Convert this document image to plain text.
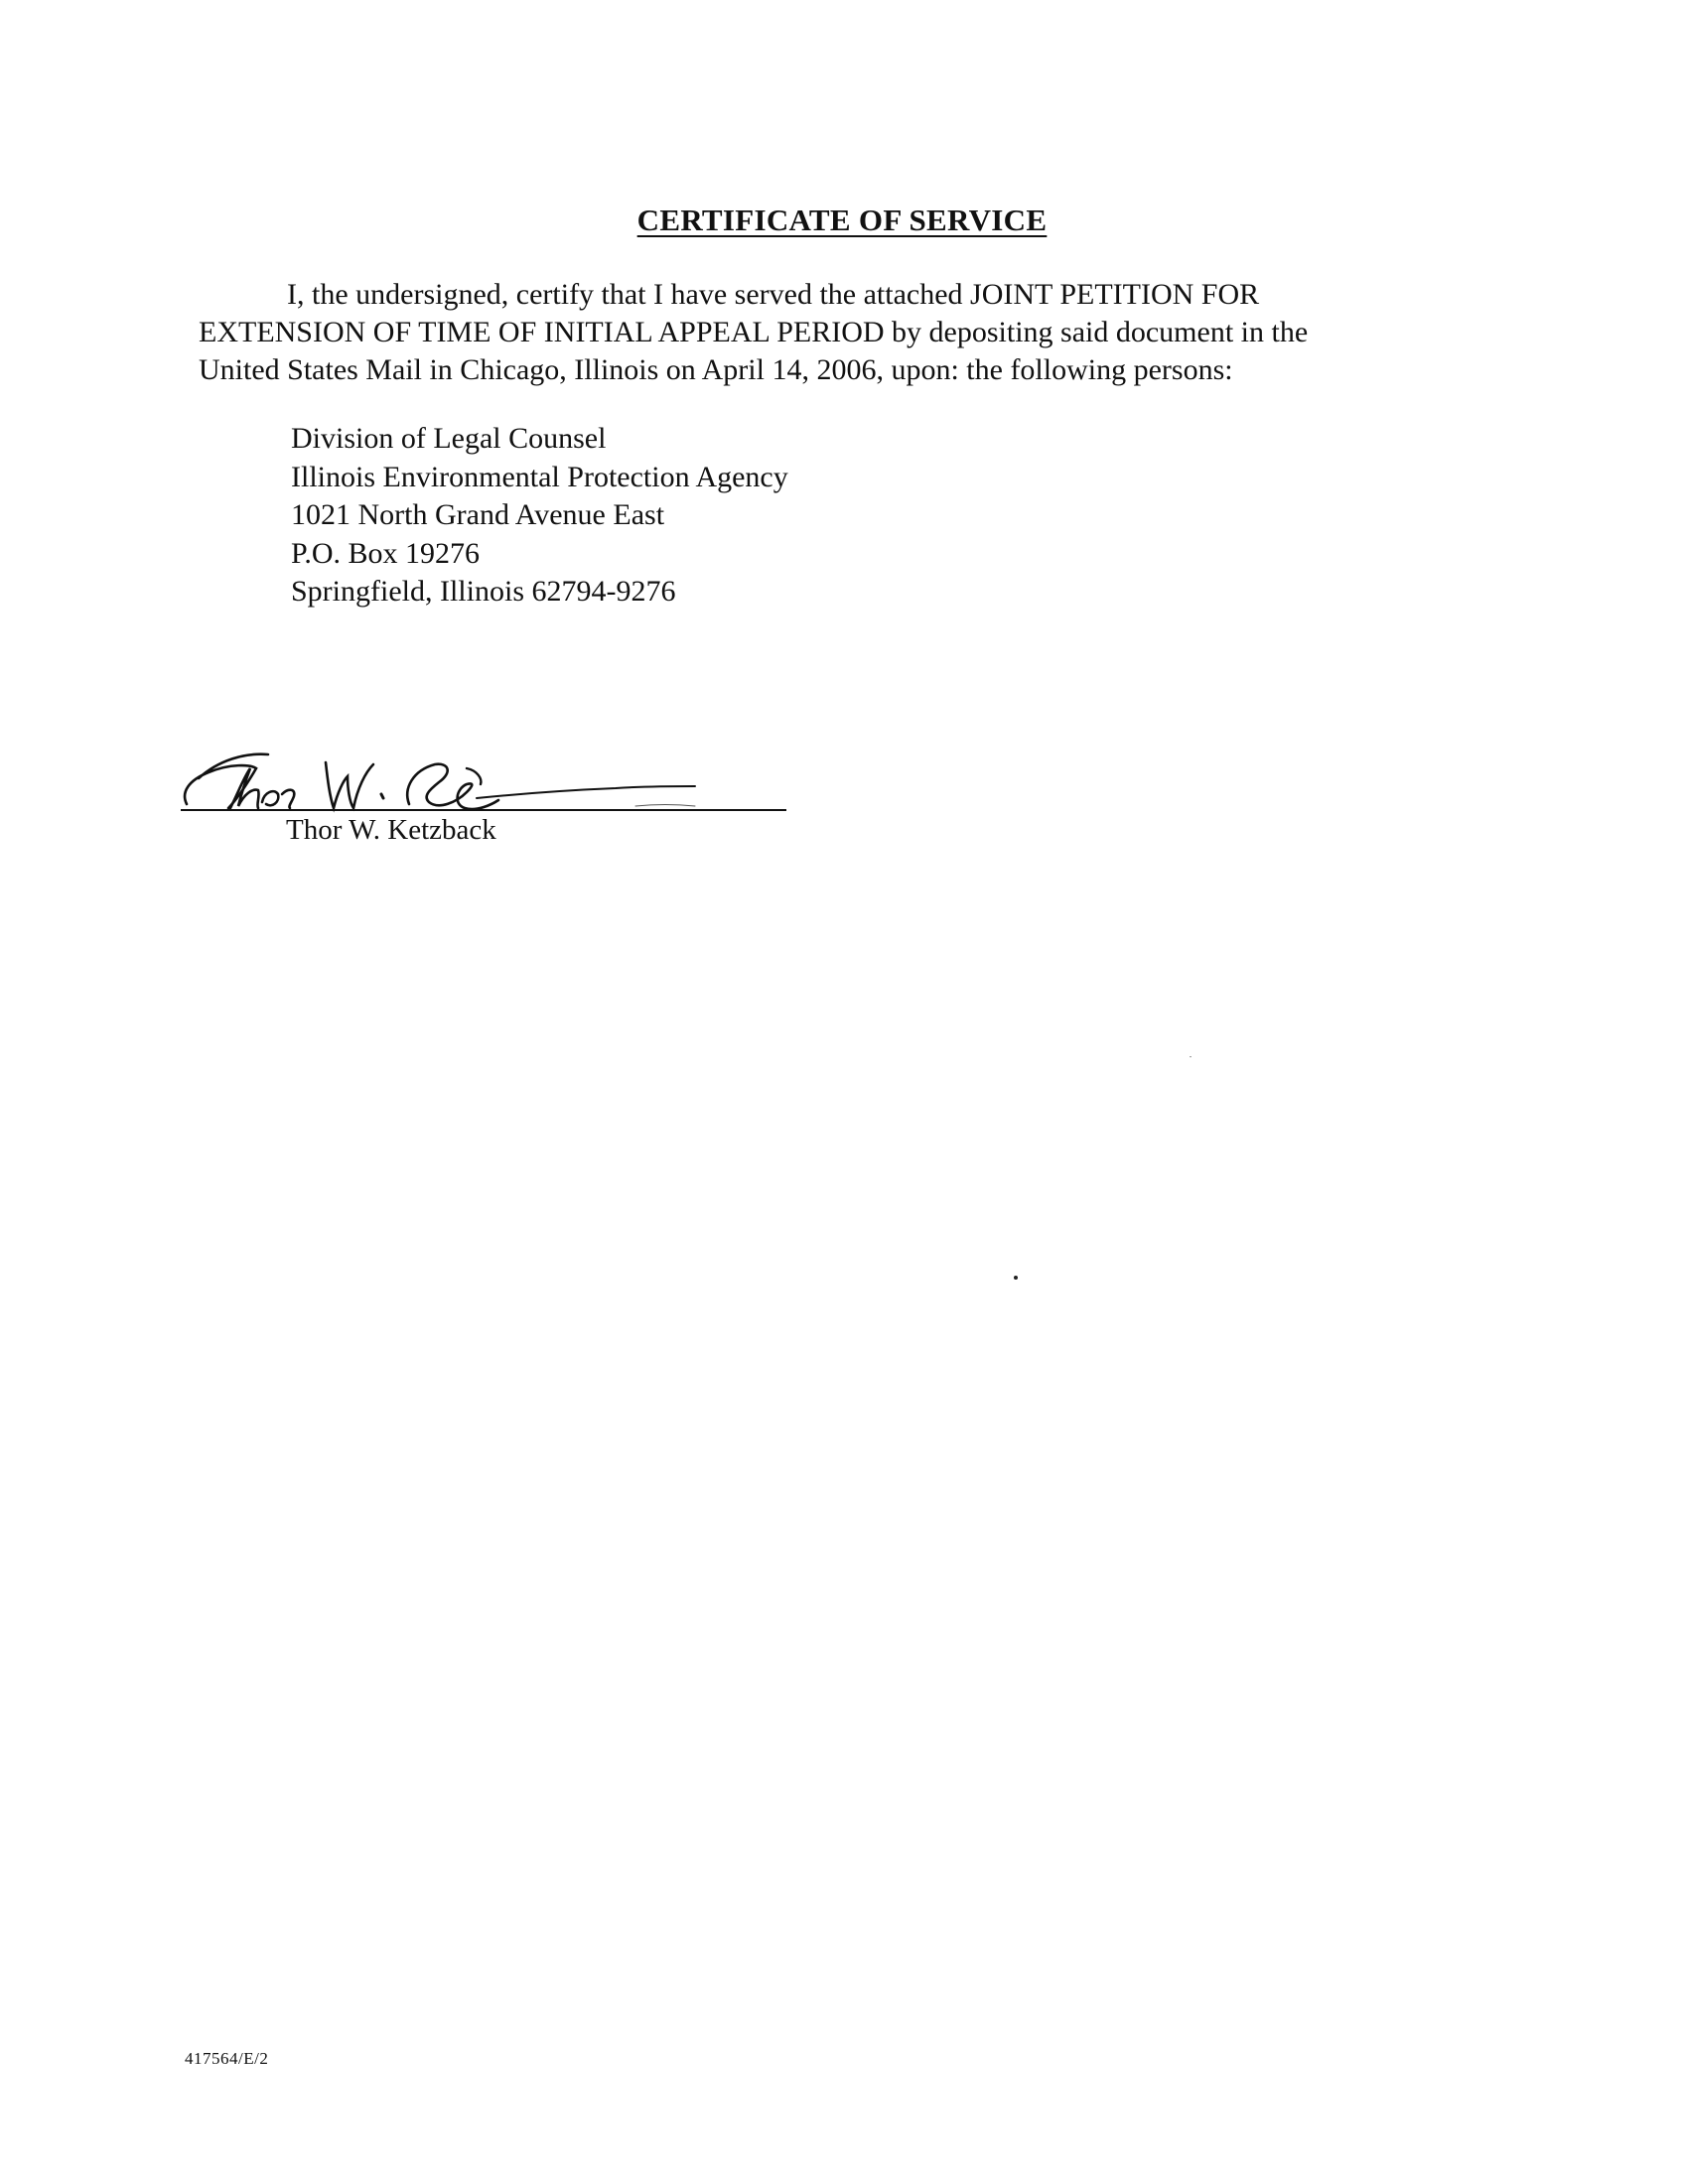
CERTIFICATE OF SERVICE

I, the undersigned, certify that I have served the attached JOINT PETITION FOR
EXTENSION OF TIME OF INITIAL APPEAL PERIOD by depositing said document in the
United States Mail in Chicago, Illinois on April 14, 2006, upon: the following persons:

Division of Legal Counsel
Illinois Environmental Protection Agency
1021 North Grand Avenue East
P.O. Box 19276
Springfield, Illinois 62794-9276
Thor W. Ketzback
417564/E/2
